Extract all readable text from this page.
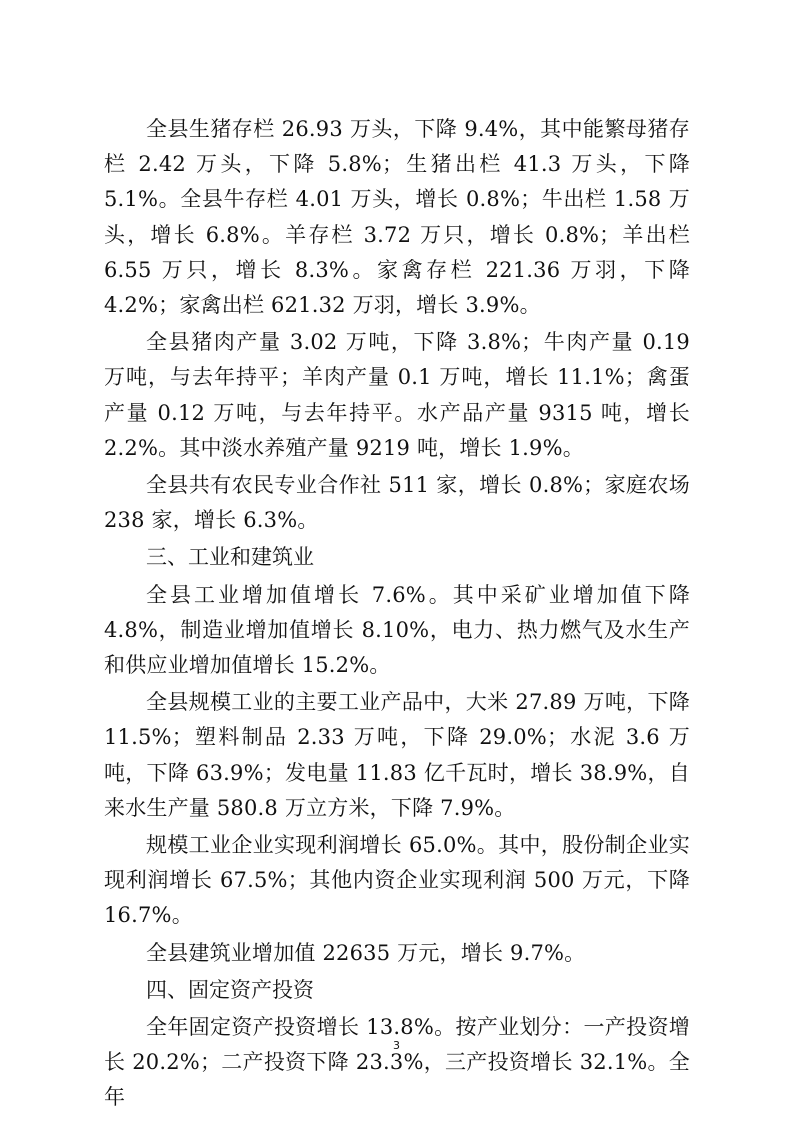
全县生猪存栏 26.93 万头，下降 9.4%，其中能繁母猪存栏 2.42 万头，下降 5.8%；生猪出栏 41.3 万头，下降 5.1%。全县牛存栏 4.01 万头，增长 0.8%；牛出栏 1.58 万头，增长 6.8%。羊存栏 3.72 万只，增长 0.8%；羊出栏 6.55 万只，增长 8.3%。家禽存栏 221.36 万羽，下降 4.2%；家禽出栏 621.32 万羽，增长 3.9%。

全县猪肉产量 3.02 万吨，下降 3.8%；牛肉产量 0.19 万吨，与去年持平；羊肉产量 0.1 万吨，增长 11.1%；禽蛋产量 0.12 万吨，与去年持平。水产品产量 9315 吨，增长 2.2%。其中淡水养殖产量 9219 吨，增长 1.9%。

全县共有农民专业合作社 511 家，增长 0.8%；家庭农场 238 家，增长 6.3%。

三、工业和建筑业

全县工业增加值增长 7.6%。其中采矿业增加值下降 4.8%，制造业增加值增长 8.10%，电力、热力燃气及水生产和供应业增加值增长 15.2%。

全县规模工业的主要工业产品中，大米 27.89 万吨，下降 11.5%；塑料制品 2.33 万吨，下降 29.0%；水泥 3.6 万吨，下降 63.9%；发电量 11.83 亿千瓦时，增长 38.9%，自来水生产量 580.8 万立方米，下降 7.9%。

规模工业企业实现利润增长 65.0%。其中，股份制企业实现利润增长 67.5%；其他内资企业实现利润 500 万元，下降 16.7%。

全县建筑业增加值 22635 万元，增长 9.7%。

四、固定资产投资

全年固定资产投资增长 13.8%。按产业划分：一产投资增长 20.2%；二产投资下降 23.3%，三产投资增长 32.1%。全年

3
